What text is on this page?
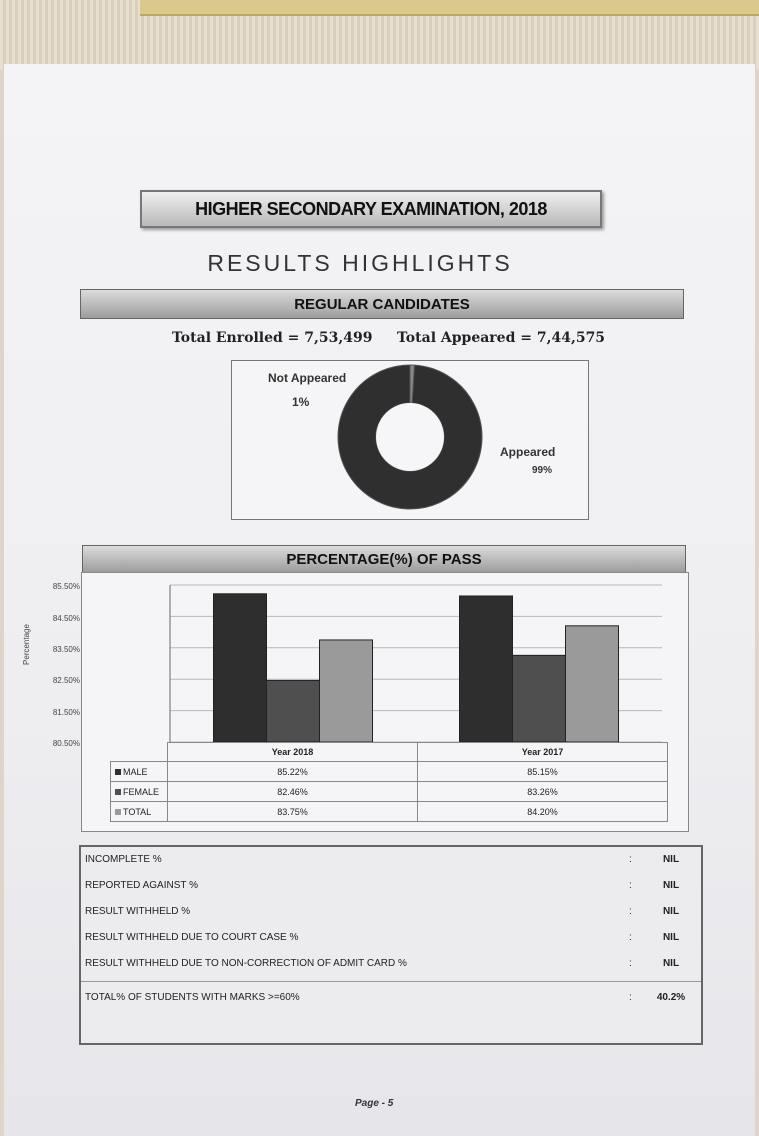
HIGHER SECONDARY EXAMINATION, 2018
RESULTS HIGHLIGHTS
REGULAR CANDIDATES
Total Enrolled = 7,53,499 Total Appeared = 7,44,575
Not Appeared
1%
Appeared
99%
PERCENTAGE(%) OF PASS
Percentage
85.50%
84.50%
83.50%
82.50%
81.50%
80.50%
	Year 2018	Year 2017
MALE	85.22%	85.15%
FEMALE	82.46%	83.26%
TOTAL	83.75%	84.20%
INCOMPLETE %	:	NIL
REPORTED AGAINST %	:	NIL
RESULT WITHHELD %	:	NIL
RESULT WITHHELD DUE TO COURT CASE %	:	NIL
RESULT WITHHELD DUE TO NON-CORRECTION OF ADMIT CARD %	:	NIL
TOTAL% OF STUDENTS WITH MARKS >=60%	:	40.2%
Page - 5
